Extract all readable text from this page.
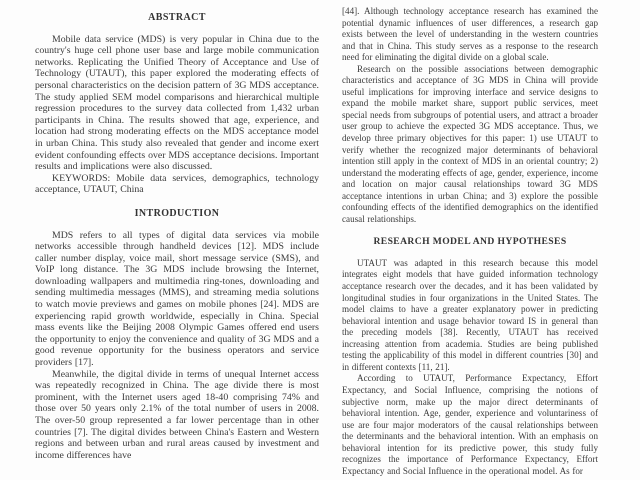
ABSTRACT

Mobile data service (MDS) is very popular in China due to the country's huge cell phone user base and large mobile communication networks. Replicating the Unified Theory of Acceptance and Use of Technology (UTAUT), this paper explored the moderating effects of personal characteristics on the decision pattern of 3G MDS acceptance. The study applied SEM model comparisons and hierarchical multiple regression procedures to the survey data collected from 1,432 urban participants in China. The results showed that age, experience, and location had strong moderating effects on the MDS acceptance model in urban China. This study also revealed that gender and income exert evident confounding effects over MDS acceptance decisions. Important results and implications were also discussed.

KEYWORDS: Mobile data services, demographics, technology acceptance, UTAUT, China

INTRODUCTION

MDS refers to all types of digital data services via mobile networks accessible through handheld devices [12]. MDS include caller number display, voice mail, short message service (SMS), and VoIP long distance. The 3G MDS include browsing the Internet, downloading wallpapers and multimedia ring-tones, downloading and sending multimedia messages (MMS), and streaming media solutions to watch movie previews and games on mobile phones [24]. MDS are experiencing rapid growth worldwide, especially in China. Special mass events like the Beijing 2008 Olympic Games offered end users the opportunity to enjoy the convenience and quality of 3G MDS and a good revenue opportunity for the business operators and service providers [17].

Meanwhile, the digital divide in terms of unequal Internet access was repeatedly recognized in China. The age divide there is most prominent, with the Internet users aged 18-40 comprising 74% and those over 50 years only 2.1% of the total number of users in 2008. The over-50 group represented a far lower percentage than in other countries [7]. The digital divides between China's Eastern and Western regions and between urban and rural areas caused by investment and income differences have

[44]. Although technology acceptance research has examined the potential dynamic influences of user differences, a research gap exists between the level of understanding in the western countries and that in China. This study serves as a response to the research need for eliminating the digital divide on a global scale.

Research on the possible associations between demographic characteristics and acceptance of 3G MDS in China will provide useful implications for improving interface and service designs to expand the mobile market share, support public services, meet special needs from subgroups of potential users, and attract a broader user group to achieve the expected 3G MDS acceptance. Thus, we develop three primary objectives for this paper: 1) use UTAUT to verify whether the recognized major determinants of behavioral intention still apply in the context of MDS in an oriental country; 2) understand the moderating effects of age, gender, experience, income and location on major causal relationships toward 3G MDS acceptance intentions in urban China; and 3) explore the possible confounding effects of the identified demographics on the identified causal relationships.

RESEARCH MODEL AND HYPOTHESES

UTAUT was adapted in this research because this model integrates eight models that have guided information technology acceptance research over the decades, and it has been validated by longitudinal studies in four organizations in the United States. The model claims to have a greater explanatory power in predicting behavioral intention and usage behavior toward IS in general than the preceding models [38]. Recently, UTAUT has received increasing attention from academia. Studies are being published testing the applicability of this model in different countries [30] and in different contexts [11, 21].

According to UTAUT, Performance Expectancy, Effort Expectancy, and Social Influence, comprising the notions of subjective norm, make up the major direct determinants of behavioral intention. Age, gender, experience and voluntariness of use are four major moderators of the causal relationships between the determinants and the behavioral intention. With an emphasis on behavioral intention for its predictive power, this study fully recognizes the importance of Performance Expectancy, Effort Expectancy and Social Influence in the operational model. As for
